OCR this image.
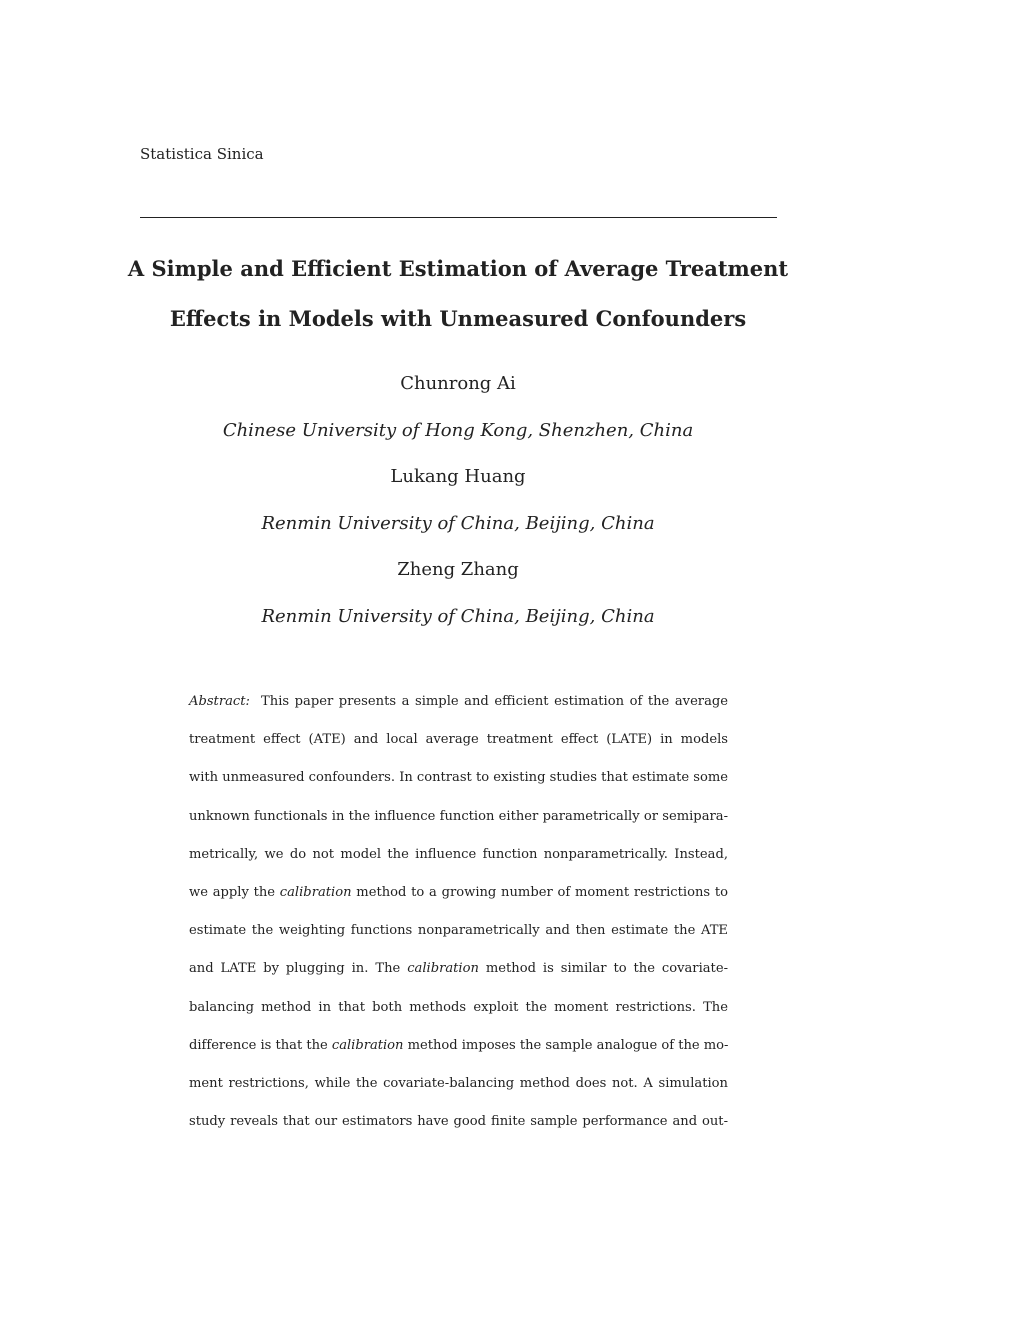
Statistica Sinica
A Simple and Efficient Estimation of Average Treatment
Effects in Models with Unmeasured Confounders
Chunrong Ai
Chinese University of Hong Kong, Shenzhen, China
Lukang Huang
Renmin University of China, Beijing, China
Zheng Zhang
Renmin University of China, Beijing, China
Abstract: This paper presents a simple and efficient estimation of the average
treatment effect (ATE) and local average treatment effect (LATE) in models
with unmeasured confounders. In contrast to existing studies that estimate some
unknown functionals in the influence function either parametrically or semipara-
metrically, we do not model the influence function nonparametrically. Instead,
we apply the calibration method to a growing number of moment restrictions to
estimate the weighting functions nonparametrically and then estimate the ATE
and LATE by plugging in. The calibration method is similar to the covariate-
balancing method in that both methods exploit the moment restrictions. The
difference is that the calibration method imposes the sample analogue of the mo-
ment restrictions, while the covariate-balancing method does not. A simulation
study reveals that our estimators have good finite sample performance and out-
